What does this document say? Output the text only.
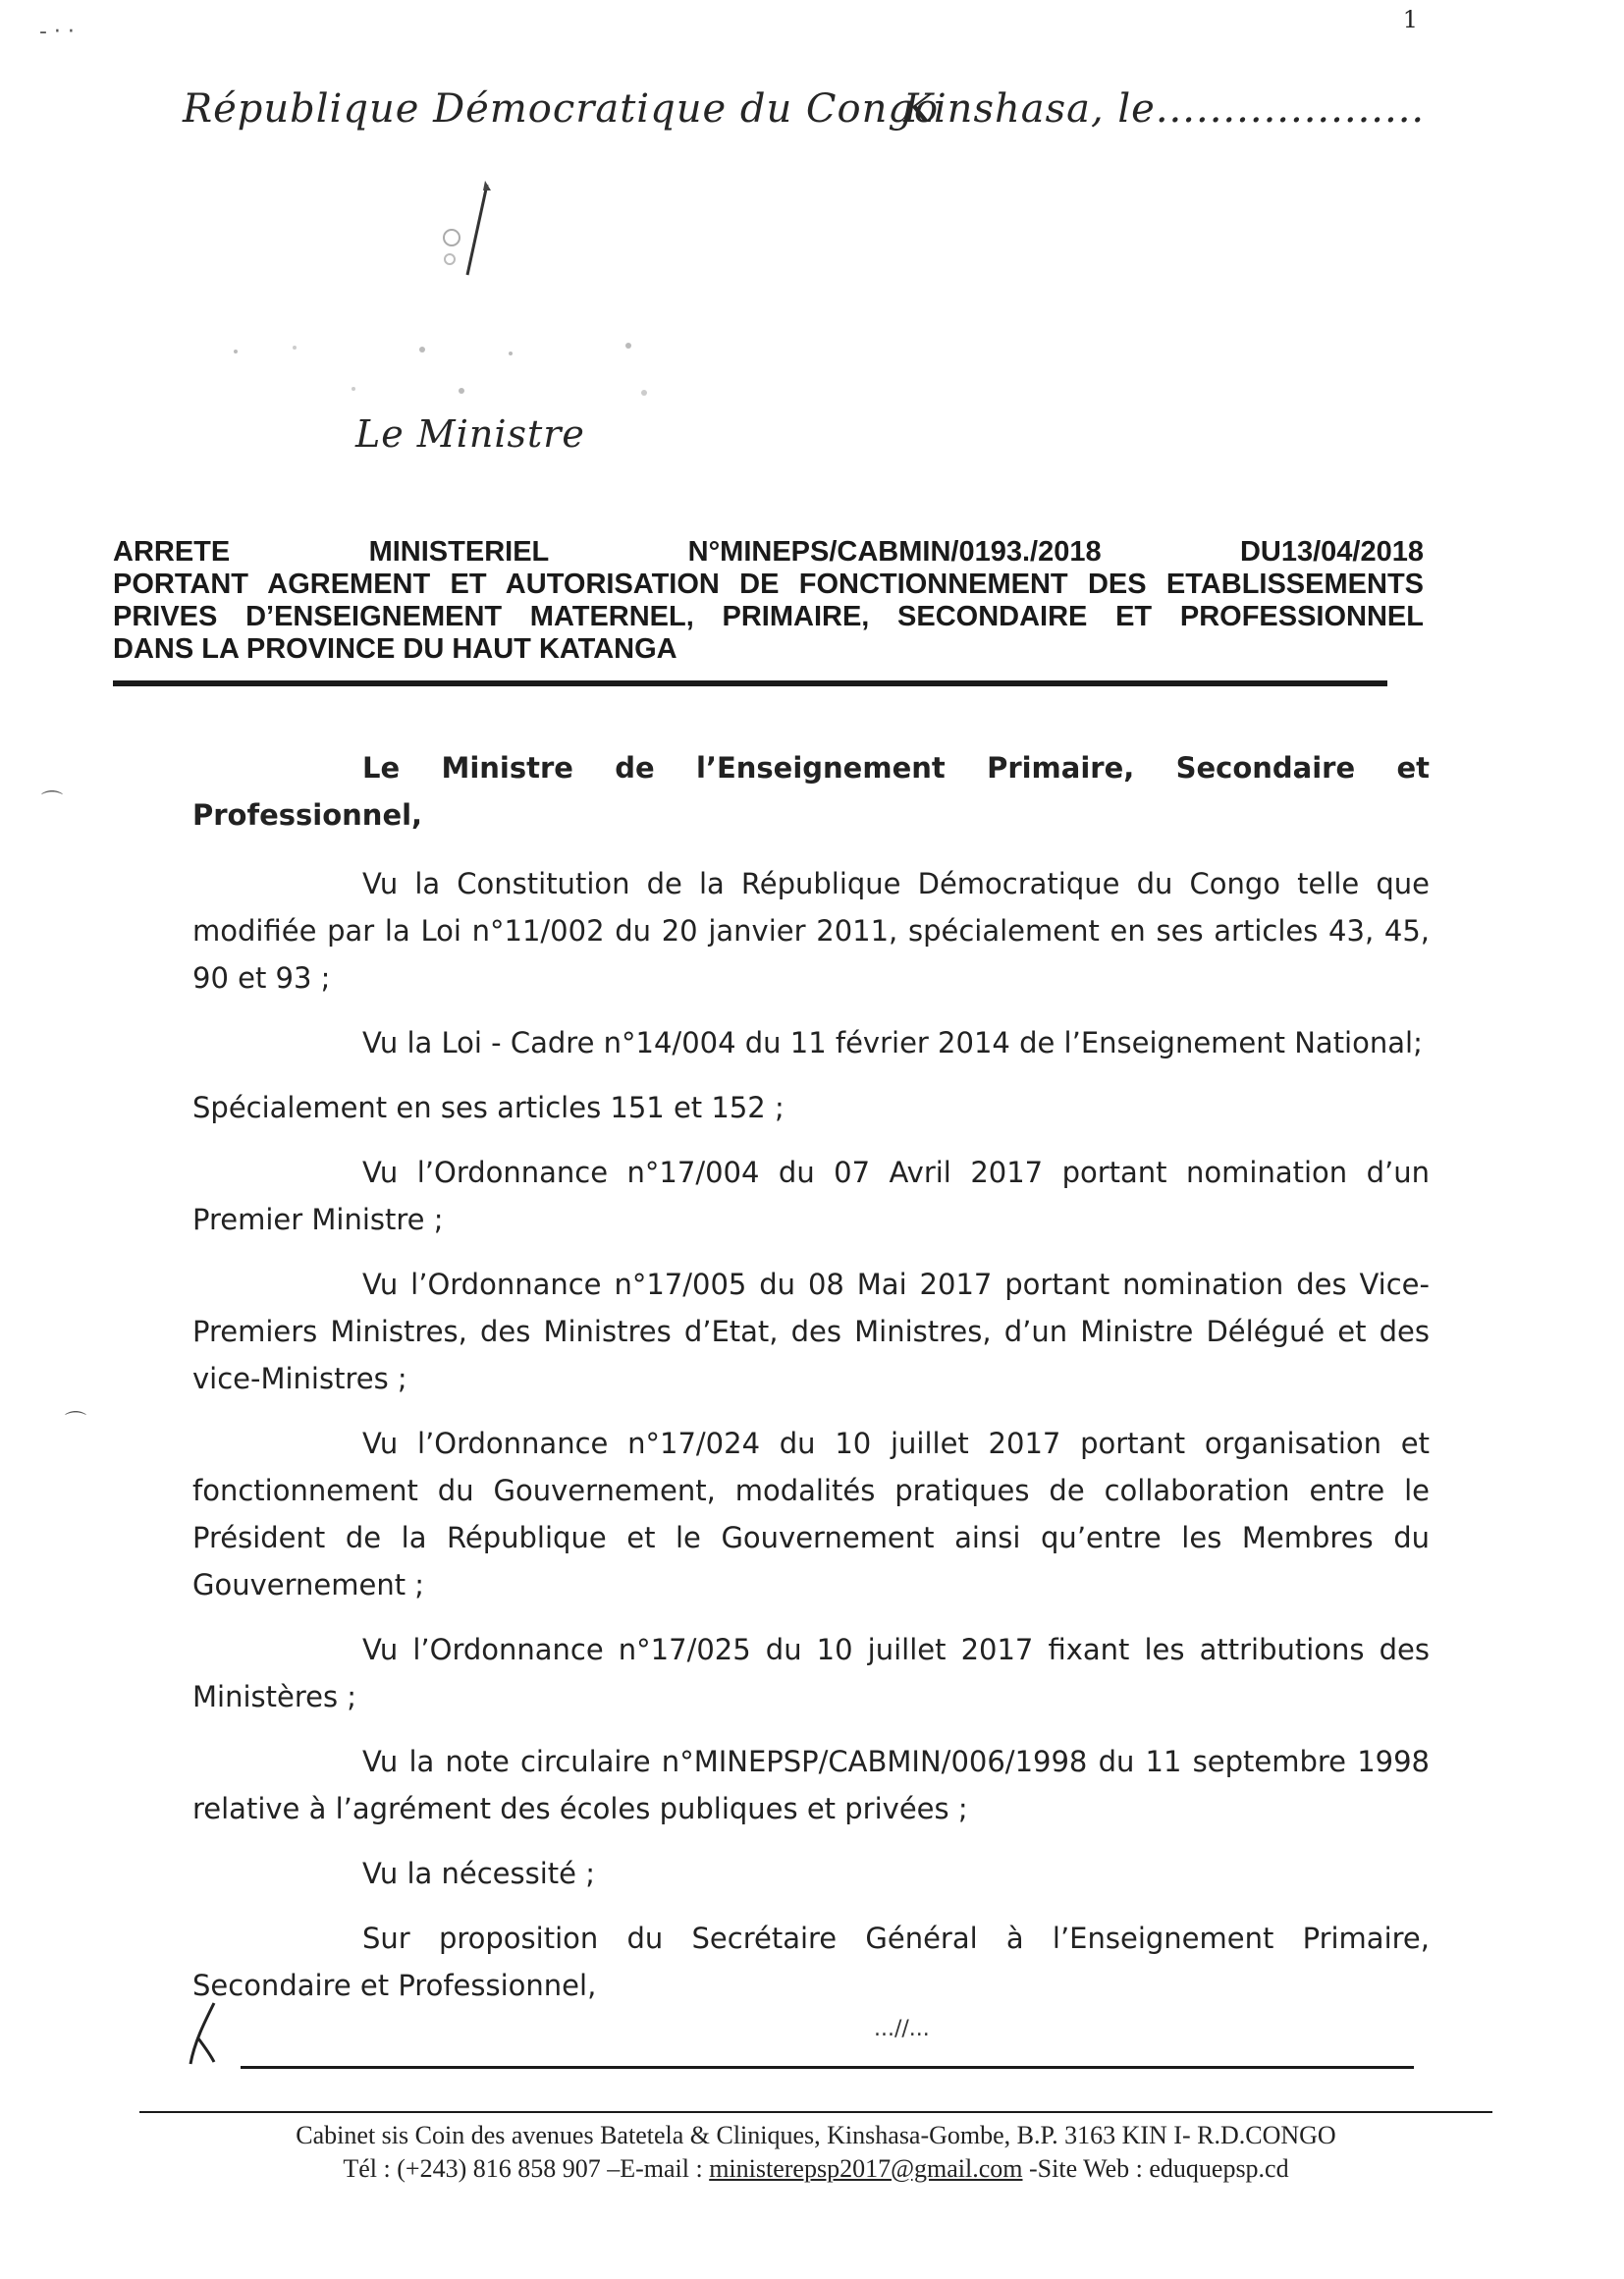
1
- · ·
⌒
⌒
République Démocratique du Congo
Kinshasa, le....................
Le Ministre
ARRETE	MINISTERIEL	N°MINEPS/CABMIN/0193./2018	DU13/04/2018
PORTANT AGREMENT ET AUTORISATION DE FONCTIONNEMENT DES ETABLISSEMENTS
PRIVES D’ENSEIGNEMENT MATERNEL, PRIMAIRE, SECONDAIRE ET PROFESSIONNEL
DANS LA PROVINCE DU HAUT KATANGA

Le Ministre de l’Enseignement Primaire, Secondaire et Professionnel,

Vu la Constitution de la République Démocratique du Congo telle que modifiée par la Loi n°11/002 du 20 janvier 2011, spécialement en ses articles 43, 45, 90 et 93 ;

Vu la Loi - Cadre n°14/004 du 11 février 2014 de l’Enseignement National;

Spécialement en ses articles 151 et 152 ;

Vu l’Ordonnance n°17/004 du 07 Avril 2017 portant nomination d’un Premier Ministre ;

Vu l’Ordonnance n°17/005 du 08 Mai 2017 portant nomination des Vice-Premiers Ministres, des Ministres d’Etat, des Ministres, d’un Ministre Délégué et des vice-Ministres ;

Vu l’Ordonnance n°17/024 du 10 juillet 2017 portant organisation et fonctionnement du Gouvernement, modalités pratiques de collaboration entre le Président de la République et le Gouvernement ainsi qu’entre les Membres du Gouvernement ;

Vu l’Ordonnance n°17/025 du 10 juillet 2017 fixant les attributions des Ministères ;

Vu la note circulaire n°MINEPSP/CABMIN/006/1998 du 11 septembre 1998 relative à l’agrément des écoles publiques et privées ;

Vu la nécessité ;

Sur proposition du Secrétaire Général à l’Enseignement Primaire, Secondaire et Professionnel,

...//...
Cabinet sis Coin des avenues Batetela & Cliniques, Kinshasa-Gombe, B.P. 3163 KIN I- R.D.CONGO
Tél : (+243) 816 858 907 –E-mail : ministerepsp2017@gmail.com -Site Web : eduquepsp.cd
